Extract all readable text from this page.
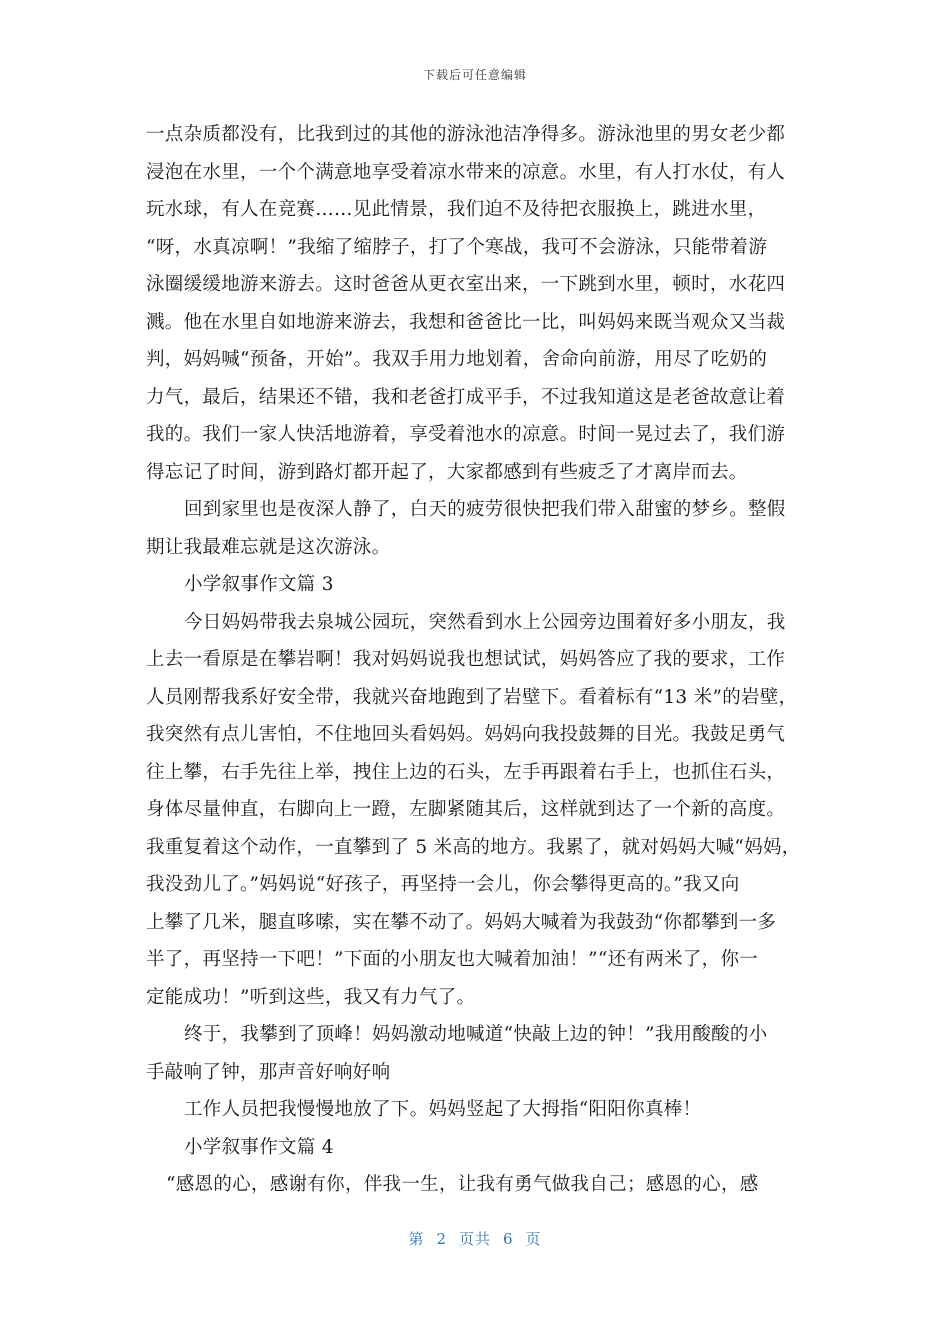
下载后可任意编辑
一点杂质都没有，比我到过的其他的游泳池洁净得多。游泳池里的男女老少都
浸泡在水里，一个个满意地享受着凉水带来的凉意。水里，有人打水仗，有人
玩水球，有人在竞赛……见此情景，我们迫不及待把衣服换上，跳进水里，
“呀，水真凉啊！”我缩了缩脖子，打了个寒战，我可不会游泳，只能带着游
泳圈缓缓地游来游去。这时爸爸从更衣室出来，一下跳到水里，顿时，水花四
溅。他在水里自如地游来游去，我想和爸爸比一比，叫妈妈来既当观众又当裁
判，妈妈喊“预备，开始”。我双手用力地划着，舍命向前游，用尽了吃奶的
力气，最后，结果还不错，我和老爸打成平手，不过我知道这是老爸故意让着
我的。我们一家人快活地游着，享受着池水的凉意。时间一晃过去了，我们游
得忘记了时间，游到路灯都开起了，大家都感到有些疲乏了才离岸而去。
回到家里也是夜深人静了，白天的疲劳很快把我们带入甜蜜的梦乡。整假
期让我最难忘就是这次游泳。
小学叙事作文篇 3
今日妈妈带我去泉城公园玩，突然看到水上公园旁边围着好多小朋友，我
上去一看原是在攀岩啊！我对妈妈说我也想试试，妈妈答应了我的要求，工作
人员刚帮我系好安全带，我就兴奋地跑到了岩壁下。看着标有“13 米”的岩壁，
我突然有点儿害怕，不住地回头看妈妈。妈妈向我投鼓舞的目光。我鼓足勇气
往上攀，右手先往上举，拽住上边的石头，左手再跟着右手上，也抓住石头，
身体尽量伸直，右脚向上一蹬，左脚紧随其后，这样就到达了一个新的高度。
我重复着这个动作，一直攀到了 5 米高的地方。我累了，就对妈妈大喊“妈妈，
我没劲儿了。”妈妈说“好孩子，再坚持一会儿，你会攀得更高的。”我又向
上攀了几米，腿直哆嗦，实在攀不动了。妈妈大喊着为我鼓劲“你都攀到一多
半了，再坚持一下吧！”下面的小朋友也大喊着加油！”“还有两米了，你一
定能成功！”听到这些，我又有力气了。
终于，我攀到了顶峰！妈妈激动地喊道“快敲上边的钟！”我用酸酸的小
手敲响了钟，那声音好响好响
工作人员把我慢慢地放了下。妈妈竖起了大拇指“阳阳你真棒！
小学叙事作文篇 4
“感恩的心，感谢有你，伴我一生，让我有勇气做我自己；感恩的心，感
第 2 页共 6 页
